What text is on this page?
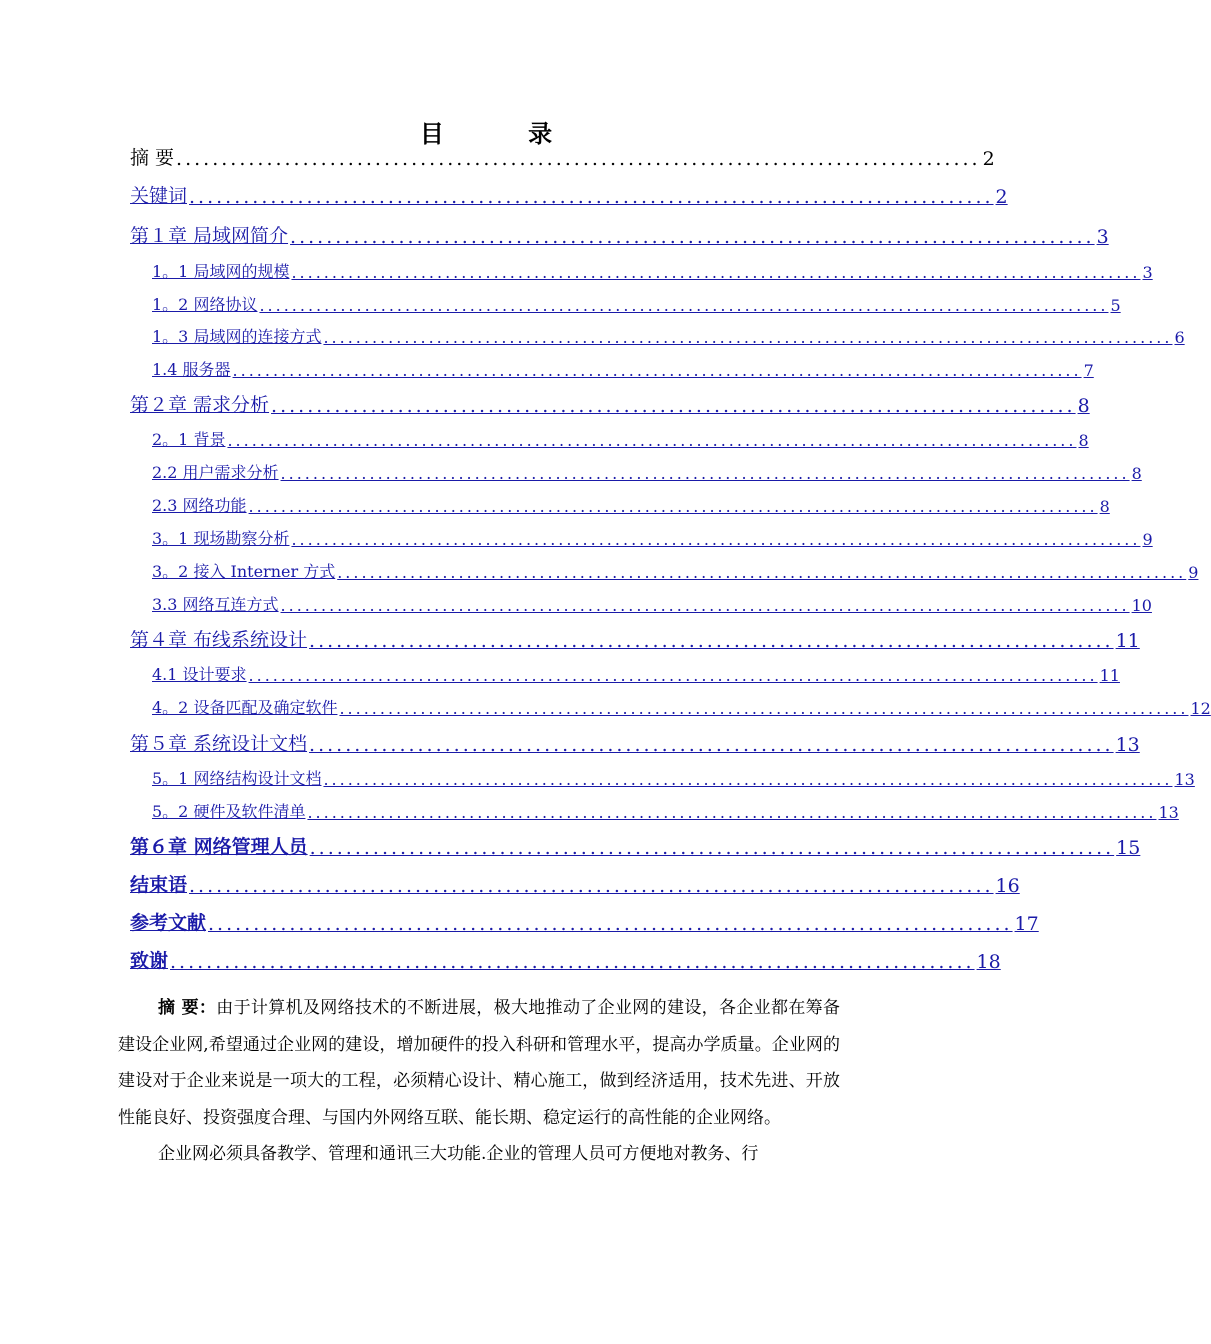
目 录
摘 要 ......................................................................................... 2
关键词 ......................................................................................... 2
第１章 局域网简介 ......................................................................................... 3
1。1 局域网的规模 ......................................................................................................... 3
1。2 网络协议 ......................................................................................................... 5
1。3 局域网的连接方式 ......................................................................................................... 6
1.4 服务器 ......................................................................................................... 7
第２章 需求分析 ......................................................................................... 8
2。1 背景 ......................................................................................................... 8
2.2 用户需求分析 ......................................................................................................... 8
2.3 网络功能 ......................................................................................................... 8
3。1 现场勘察分析 ......................................................................................................... 9
3。2 接入 Interner 方式 ......................................................................................................... 9
3.3 网络互连方式 ......................................................................................................... 10
第４章 布线系统设计 ......................................................................................... 11
4.1 设计要求 ......................................................................................................... 11
4。2 设备匹配及确定软件 ......................................................................................................... 12
第５章 系统设计文档 ......................................................................................... 13
5。1 网络结构设计文档 ......................................................................................................... 13
5。2 硬件及软件清单 ......................................................................................................... 13
第６章 网络管理人员 ......................................................................................... 15
结束语 ......................................................................................... 16
参考文献 ......................................................................................... 17
致谢 ......................................................................................... 18

摘 要：由于计算机及网络技术的不断进展，极大地推动了企业网的建设，各企业都在筹备建设企业网,希望通过企业网的建设，增加硬件的投入科研和管理水平，提高办学质量。企业网的建设对于企业来说是一项大的工程，必须精心设计、精心施工，做到经济适用，技术先进、开放性能良好、投资强度合理、与国内外网络互联、能长期、稳定运行的高性能的企业网络。

企业网必须具备教学、管理和通讯三大功能.企业的管理人员可方便地对教务、行
